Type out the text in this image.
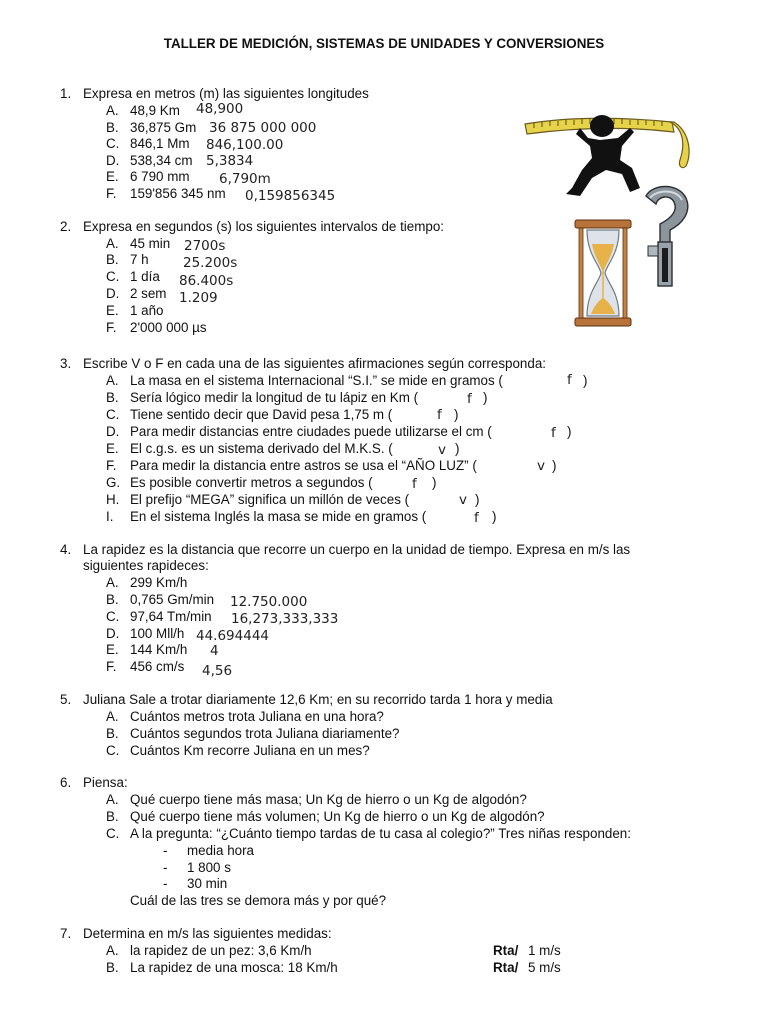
TALLER DE MEDICIÓN, SISTEMAS DE UNIDADES Y CONVERSIONES
1. Expresa en metros (m) las siguientes longitudes
A. 48,9 Km 48,900
B. 36,875 Gm 36 875 000 000
C. 846,1 Mm 846,100.00
D. 538,34 cm 5,3834
E. 6 790 mm 6,790m
F. 159'856 345 nm 0,159856345
2. Expresa en segundos (s) los siguientes intervalos de tiempo:
A. 45 min 2700s
B. 7 h	25.200s
C. 1 día 86.400s
D. 2 sem 1.209
E. 1 año
F. 2'000 000 µs
3. Escribe V o F en cada una de las siguientes afirmaciones según corresponda:
A. La masa en el sistema Internacional “S.I.” se mide en gramos (	f )
B. Sería lógico medir la longitud de tu lápiz en Km (	f )
C. Tiene sentido decir que David pesa 1,75 m (	f )
D. Para medir distancias entre ciudades puede utilizarse el cm (	f )
E. El c.g.s. es un sistema derivado del M.K.S. (	v )
F. Para medir la distancia entre astros se usa el “AÑO LUZ” (	v )
G. Es posible convertir metros a segundos (	f )
H. El prefijo “MEGA” significa un millón de veces (	v )
I. En el sistema Inglés la masa se mide en gramos (	f )
4. La rapidez es la distancia que recorre un cuerpo en la unidad de tiempo. Expresa en m/s las
siguientes rapideces:
A. 299 Km/h
B. 0,765 Gm/min 12.750.000
C. 97,64 Tm/min 16,273,333,333
D. 100 Mll/h 44.694444
E. 144 Km/h 4
F. 456 cm/s 4,56
5. Juliana Sale a trotar diariamente 12,6 Km; en su recorrido tarda 1 hora y media
A. Cuántos metros trota Juliana en una hora?
B. Cuántos segundos trota Juliana diariamente?
C. Cuántos Km recorre Juliana en un mes?
6. Piensa:
A. Qué cuerpo tiene más masa; Un Kg de hierro o un Kg de algodón?
B. Qué cuerpo tiene más volumen; Un Kg de hierro o un Kg de algodón?
C. A la pregunta: “¿Cuánto tiempo tardas de tu casa al colegio?” Tres niñas responden:
- media hora
- 1 800 s
- 30 min
Cuál de las tres se demora más y por qué?
7. Determina en m/s las siguientes medidas:
A. la rapidez de un pez: 3,6 Km/h	Rta/ 1 m/s
B. La rapidez de una mosca: 18 Km/h	Rta/ 5 m/s
